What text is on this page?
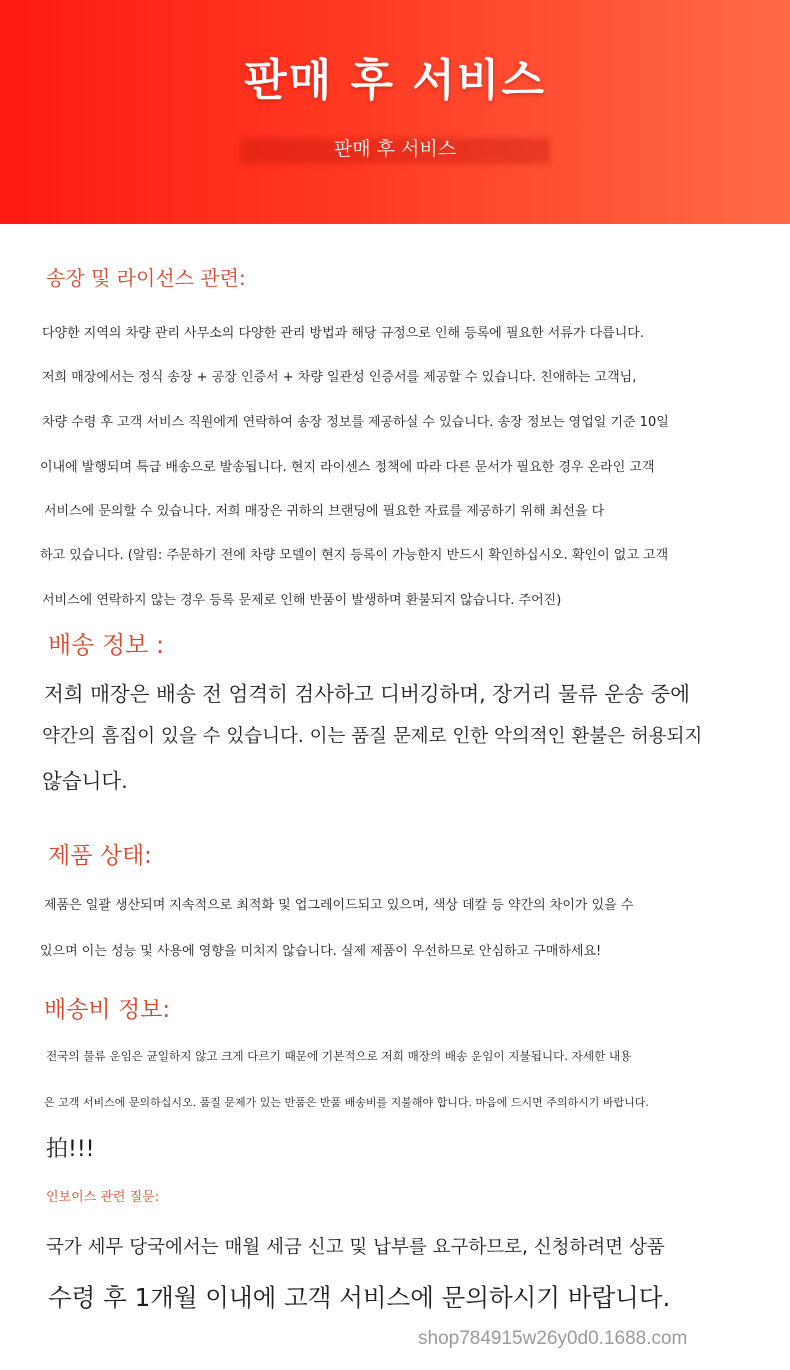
판매 후 서비스
판매 후 서비스
송장 및 라이선스 관련:
다양한 지역의 차량 관리 사무소의 다양한 관리 방법과 해당 규정으로 인해 등록에 필요한 서류가 다릅니다.
저희 매장에서는 정식 송장 + 공장 인증서 + 차량 일관성 인증서를 제공할 수 있습니다. 친애하는 고객님,
차량 수령 후 고객 서비스 직원에게 연락하여 송장 정보를 제공하실 수 있습니다. 송장 정보는 영업일 기준 10일
이내에 발행되며 특급 배송으로 발송됩니다. 현지 라이센스 정책에 따라 다른 문서가 필요한 경우 온라인 고객
서비스에 문의할 수 있습니다. 저희 매장은 귀하의 브랜딩에 필요한 자료를 제공하기 위해 최선을 다
하고 있습니다. (알림: 주문하기 전에 차량 모델이 현지 등록이 가능한지 반드시 확인하십시오. 확인이 없고 고객
서비스에 연락하지 않는 경우 등록 문제로 인해 반품이 발생하며 환불되지 않습니다. 주어진)
배송 정보 :
저희 매장은 배송 전 엄격히 검사하고 디버깅하며, 장거리 물류 운송 중에
약간의 흠집이 있을 수 있습니다. 이는 품질 문제로 인한 악의적인 환불은 허용되지
않습니다.
제품 상태:
제품은 일괄 생산되며 지속적으로 최적화 및 업그레이드되고 있으며, 색상 데칼 등 약간의 차이가 있을 수
있으며 이는 성능 및 사용에 영향을 미치지 않습니다. 실제 제품이 우선하므로 안심하고 구매하세요!
배송비 정보:
전국의 물류 운임은 균일하지 않고 크게 다르기 때문에 기본적으로 저희 매장의 배송 운임이 지불됩니다. 자세한 내용
은 고객 서비스에 문의하십시오. 품질 문제가 있는 반품은 반품 배송비를 지불해야 합니다. 마음에 드시면 주의하시기 바랍니다.
拍!!!
인보이스 관련 질문:
국가 세무 당국에서는 매월 세금 신고 및 납부를 요구하므로, 신청하려면 상품
수령 후 1개월 이내에 고객 서비스에 문의하시기 바랍니다.
shop784915w26y0d0.1688.com
